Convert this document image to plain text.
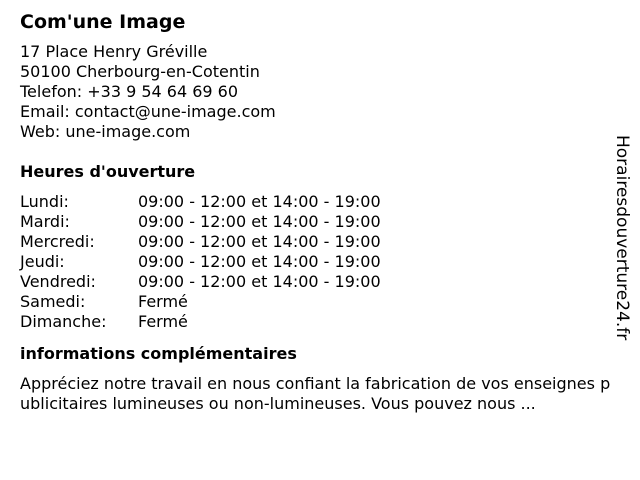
Com'une Image
17 Place Henry Gréville
50100 Cherbourg-en-Cotentin
Telefon: +33 9 54 64 69 60
Email: contact@une-image.com
Web: une-image.com
Heures d'ouverture
Lundi:	09:00 - 12:00 et 14:00 - 19:00
Mardi:	09:00 - 12:00 et 14:00 - 19:00
Mercredi:	09:00 - 12:00 et 14:00 - 19:00
Jeudi:	09:00 - 12:00 et 14:00 - 19:00
Vendredi:	09:00 - 12:00 et 14:00 - 19:00
Samedi:	Fermé
Dimanche:	Fermé
informations complémentaires
Appréciez notre travail en nous confiant la fabrication de vos enseignes publicitaires lumineuses ou non-lumineuses. Vous pouvez nous ...
Horairesdouverture24.fr
